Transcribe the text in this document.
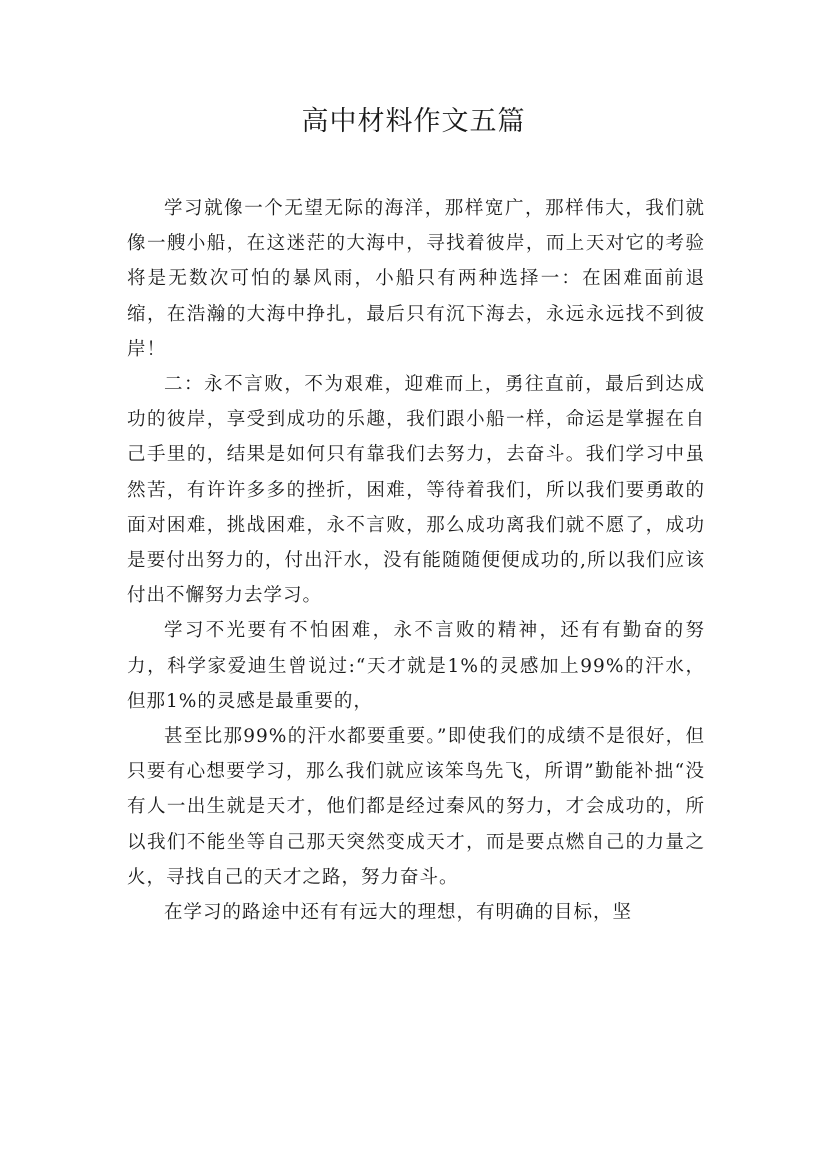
高中材料作文五篇

学习就像一个无望无际的海洋，那样宽广，那样伟大，我们就像一艘小船，在这迷茫的大海中，寻找着彼岸，而上天对它的考验将是无数次可怕的暴风雨，小船只有两种选择一：在困难面前退缩，在浩瀚的大海中挣扎，最后只有沉下海去，永远永远找不到彼岸！

二：永不言败，不为艰难，迎难而上，勇往直前，最后到达成功的彼岸，享受到成功的乐趣，我们跟小船一样，命运是掌握在自己手里的，结果是如何只有靠我们去努力，去奋斗。我们学习中虽然苦，有许许多多的挫折，困难，等待着我们，所以我们要勇敢的面对困难，挑战困难，永不言败，那么成功离我们就不愿了，成功是要付出努力的，付出汗水，没有能随随便便成功的,所以我们应该付出不懈努力去学习。

学习不光要有不怕困难，永不言败的精神，还有有勤奋的努力，科学家爱迪生曾说过:“天才就是1%的灵感加上99%的汗水，但那1%的灵感是最重要的，

甚至比那99%的汗水都要重要。”即使我们的成绩不是很好，但只要有心想要学习，那么我们就应该笨鸟先飞，所谓”勤能补拙“没有人一出生就是天才，他们都是经过秦风的努力，才会成功的，所以我们不能坐等自己那天突然变成天才，而是要点燃自己的力量之火，寻找自己的天才之路，努力奋斗。

在学习的路途中还有有远大的理想，有明确的目标，坚
